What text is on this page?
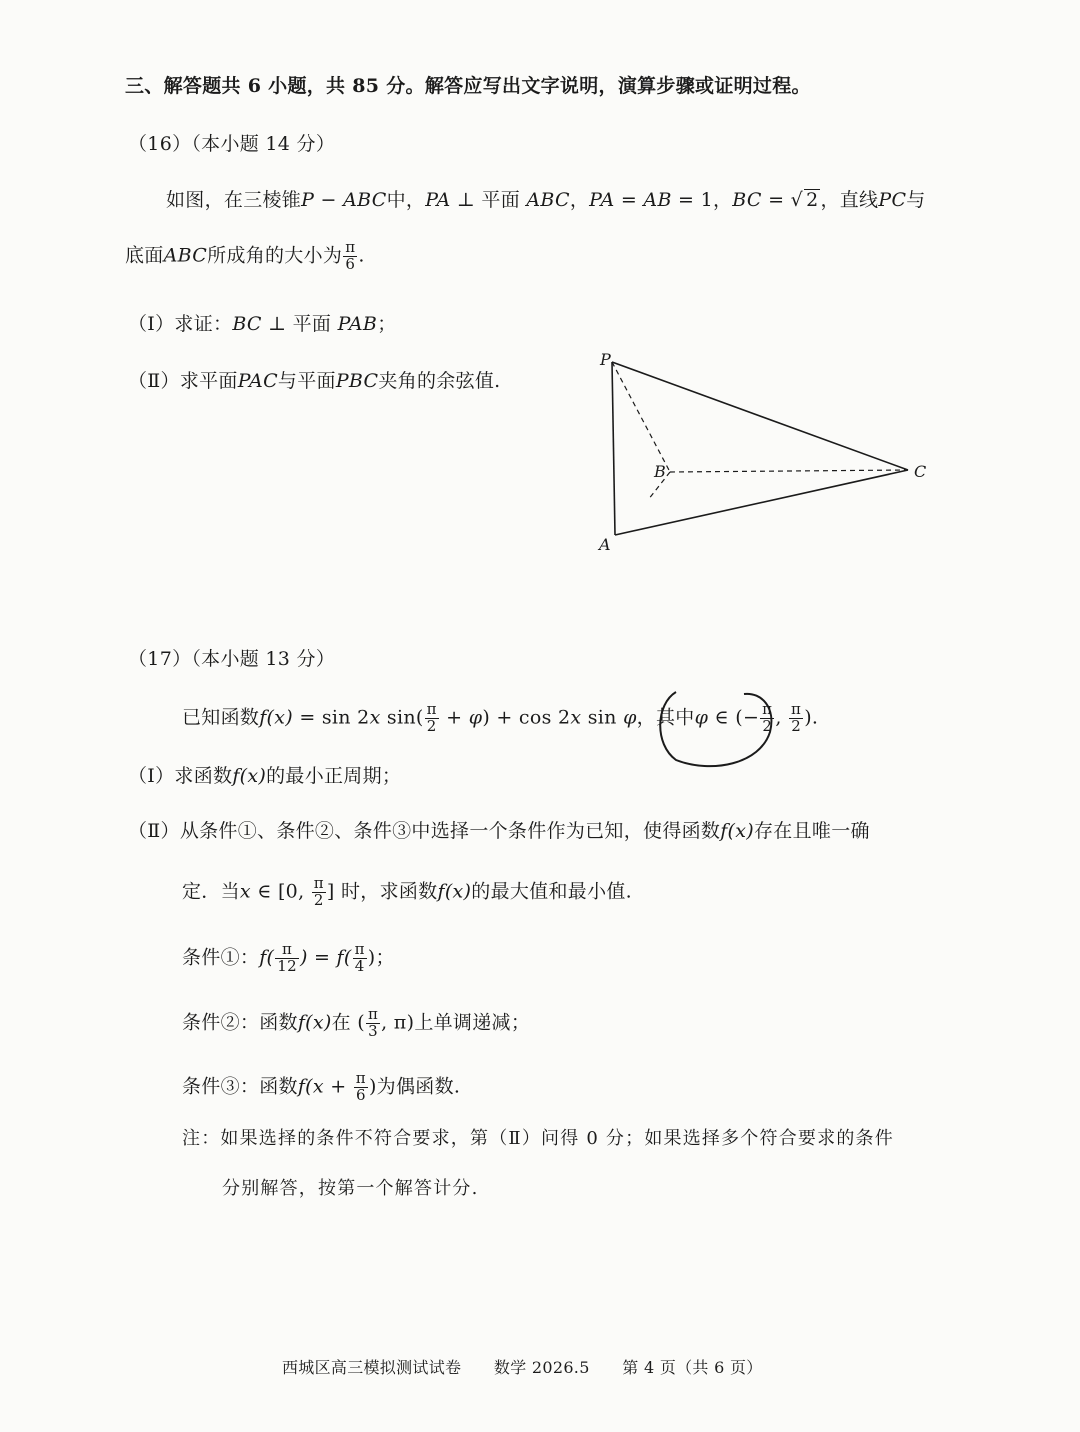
三、解答题共 6 小题，共 85 分。解答应写出文字说明，演算步骤或证明过程。
（16）（本小题 14 分）
如图，在三棱锥P − ABC中，PA ⊥ 平面 ABC，PA = AB = 1，BC = √ 2 ，直线PC与
底面ABC所成角的大小为 $\frac{\pi}{6}$ .
（Ⅰ）求证：BC ⊥ 平面 PAB；
（Ⅱ）求平面PAC与平面PBC夹角的余弦值.
P
A
B	C
（17）（本小题 13 分）
已知函数f(x) = sin 2x $\sin( \frac{\pi}{2} + \varphi) + \cos 2x$ sin φ，其中φ ∈ (− $\frac{\pi}{2}$ , $\frac{\pi}{2}$ ).
（Ⅰ）求函数f(x)的最小正周期；
（Ⅱ）从条件①、条件②、条件③中选择一个条件作为已知，使得函数f(x)存在且唯一确
定．当x ∈ [0, $\frac{\pi}{2}$ ] 时，求函数f(x)的最大值和最小值.
条件①：$f( \frac{\pi}{12}$ ) = $f( \frac{\pi}{4}$ )；
条件②：函数f(x)在 ( $\frac{\pi}{3}$ , π)上单调递减；
条件③：函数$f(x + \frac{\pi}{6}$ )为偶函数.
注：如果选择的条件不符合要求，第（Ⅱ）问得 0 分；如果选择多个符合要求的条件
分别解答，按第一个解答计分.
西城区高三模拟测试试卷　　数学 2026.5　　第 4 页（共 6 页）
